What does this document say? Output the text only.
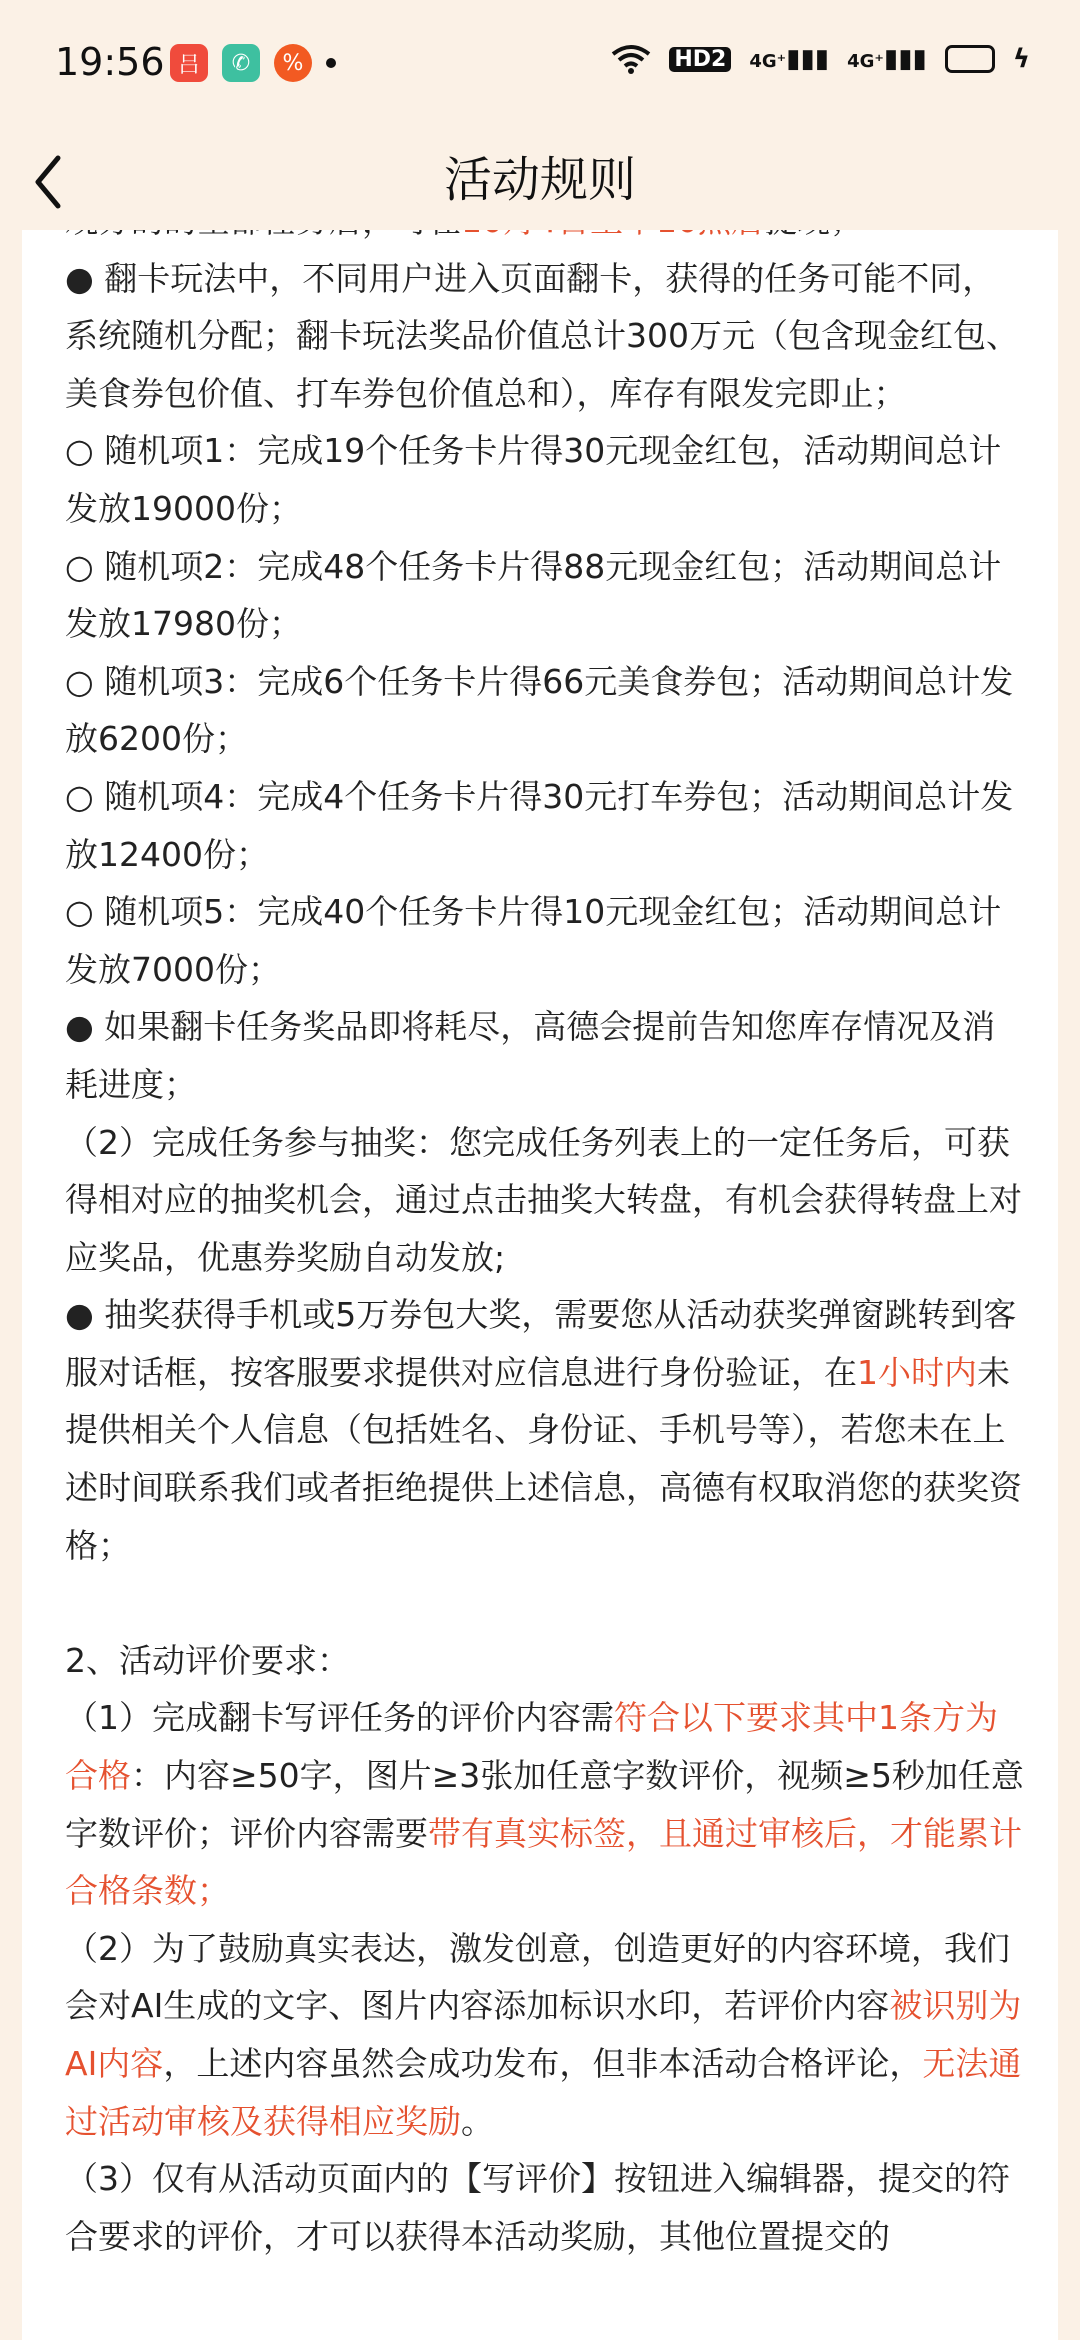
19:56 吕	✆	%	HD2 4G⁺▮▮▮ 4G⁺▮▮▮	ϟ
活动规则

● 翻卡玩法中，不同用户进入页面翻卡，获得的任务可能不同，系统随机分配；翻卡玩法奖品价值总计300万元（包含现金红包、美食券包价值、打车券包价值总和），库存有限发完即止；

○ 随机项1：完成19个任务卡片得30元现金红包，活动期间总计发放19000份；

○ 随机项2：完成48个任务卡片得88元现金红包；活动期间总计发放17980份；

○ 随机项3：完成6个任务卡片得66元美食券包；活动期间总计发放6200份；

○ 随机项4：完成4个任务卡片得30元打车券包；活动期间总计发放12400份；

○ 随机项5：完成40个任务卡片得10元现金红包；活动期间总计发放7000份；

● 如果翻卡任务奖品即将耗尽，高德会提前告知您库存情况及消耗进度；

（2）完成任务参与抽奖：您完成任务列表上的一定任务后，可获得相对应的抽奖机会，通过点击抽奖大转盘，有机会获得转盘上对应奖品，优惠券奖励自动发放;

● 抽奖获得手机或5万券包大奖，需要您从活动获奖弹窗跳转到客服对话框，按客服要求提供对应信息进行身份验证，在1小时内未提供相关个人信息（包括姓名、身份证、手机号等），若您未在上述时间联系我们或者拒绝提供上述信息，高德有权取消您的获奖资格；

2、活动评价要求：

（1）完成翻卡写评任务的评价内容需符合以下要求其中1条方为合格：内容≥50字，图片≥3张加任意字数评价，视频≥5秒加任意字数评价；评价内容需要带有真实标签，且通过审核后，才能累计合格条数；

（2）为了鼓励真实表达，激发创意，创造更好的内容环境，我们会对AI生成的文字、图片内容添加标识水印，若评价内容被识别为AI内容，上述内容虽然会成功发布，但非本活动合格评论，无法通过活动审核及获得相应奖励。

（3）仅有从活动页面内的【写评价】按钮进入编辑器，提交的符合要求的评价，才可以获得本活动奖励，其他位置提交的
